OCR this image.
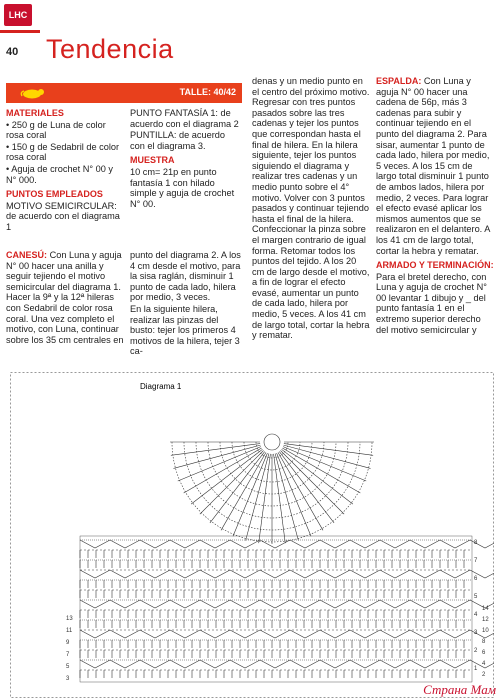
LHC
40 Tendencia
TALLE: 40/42

MATERIALES

• 250 g de Luna de color rosa coral

• 150 g de Sedabril de color rosa coral

• Aguja de crochet N° 00 y N° 000.

PUNTOS EMPLEADOS

MOTIVO SEMICIRCULAR: de acuerdo con el diagrama 1

PUNTO FANTASÍA 1: de acuerdo con el diagrama 2

PUNTILLA: de acuerdo con el diagrama 3.

MUESTRA

10 cm= 21p en punto fantasía 1 con hilado simple y aguja de crochet N° 00.

CANESÚ: Con Luna y aguja N° 00 hacer una anilla y seguir tejiendo el motivo semicircular del diagrama 1. Hacer la 9ª y la 12ª hileras con Sedabril de color rosa coral. Una vez completo el motivo, con Luna, continuar sobre los 35 cm centrales en

punto del diagrama 2. A los 4 cm desde el motivo, para la sisa raglán, disminuir 1 punto de cada lado, hilera por medio, 3 veces.

En la siguiente hilera, realizar las pinzas del busto: tejer los primeros 4 motivos de la hilera, tejer 3 ca-

denas y un medio punto en el centro del próximo motivo. Regresar con tres puntos pasados sobre las tres cadenas y tejer los puntos que correspondan hasta el final de hilera. En la hilera siguiente, tejer los puntos siguiendo el diagrama y realizar tres cadenas y un medio punto sobre el 4° motivo. Volver con 3 puntos pasados y continuar tejiendo hasta el final de la hilera. Confeccionar la pinza sobre el margen contrario de igual forma. Retomar todos los puntos del tejido. A los 20 cm de largo desde el motivo, a fin de lograr el efecto evasé, aumentar un punto de cada lado, hilera por medio, 5 veces. A los 41 cm de largo total, cortar la hebra y rematar.

ESPALDA: Con Luna y aguja N° 00 hacer una cadena de 56p, más 3 cadenas para subir y continuar tejiendo en el punto del diagrama 2. Para sisar, aumentar 1 punto de cada lado, hilera por medio, 5 veces. A los 15 cm de largo total disminuir 1 punto de ambos lados, hilera por medio, 2 veces. Para lograr el efecto evasé aplicar los mismos aumentos que se realizaron en el delantero. A los 41 cm de largo total, cortar la hebra y rematar.

ARMADO Y TERMINACIÓN:

Para el bretel derecho, con Luna y aguja de crochet N° 00 levantar 1 dibujo y _ del punto fantasía 1 en el extremo superior derecho del motivo semicircular y

Diagrama 1
8
7
6
5
4
3
2
1
13
11
9
7
5
3
14
12
10
8
6
4
2
Страна Мам
